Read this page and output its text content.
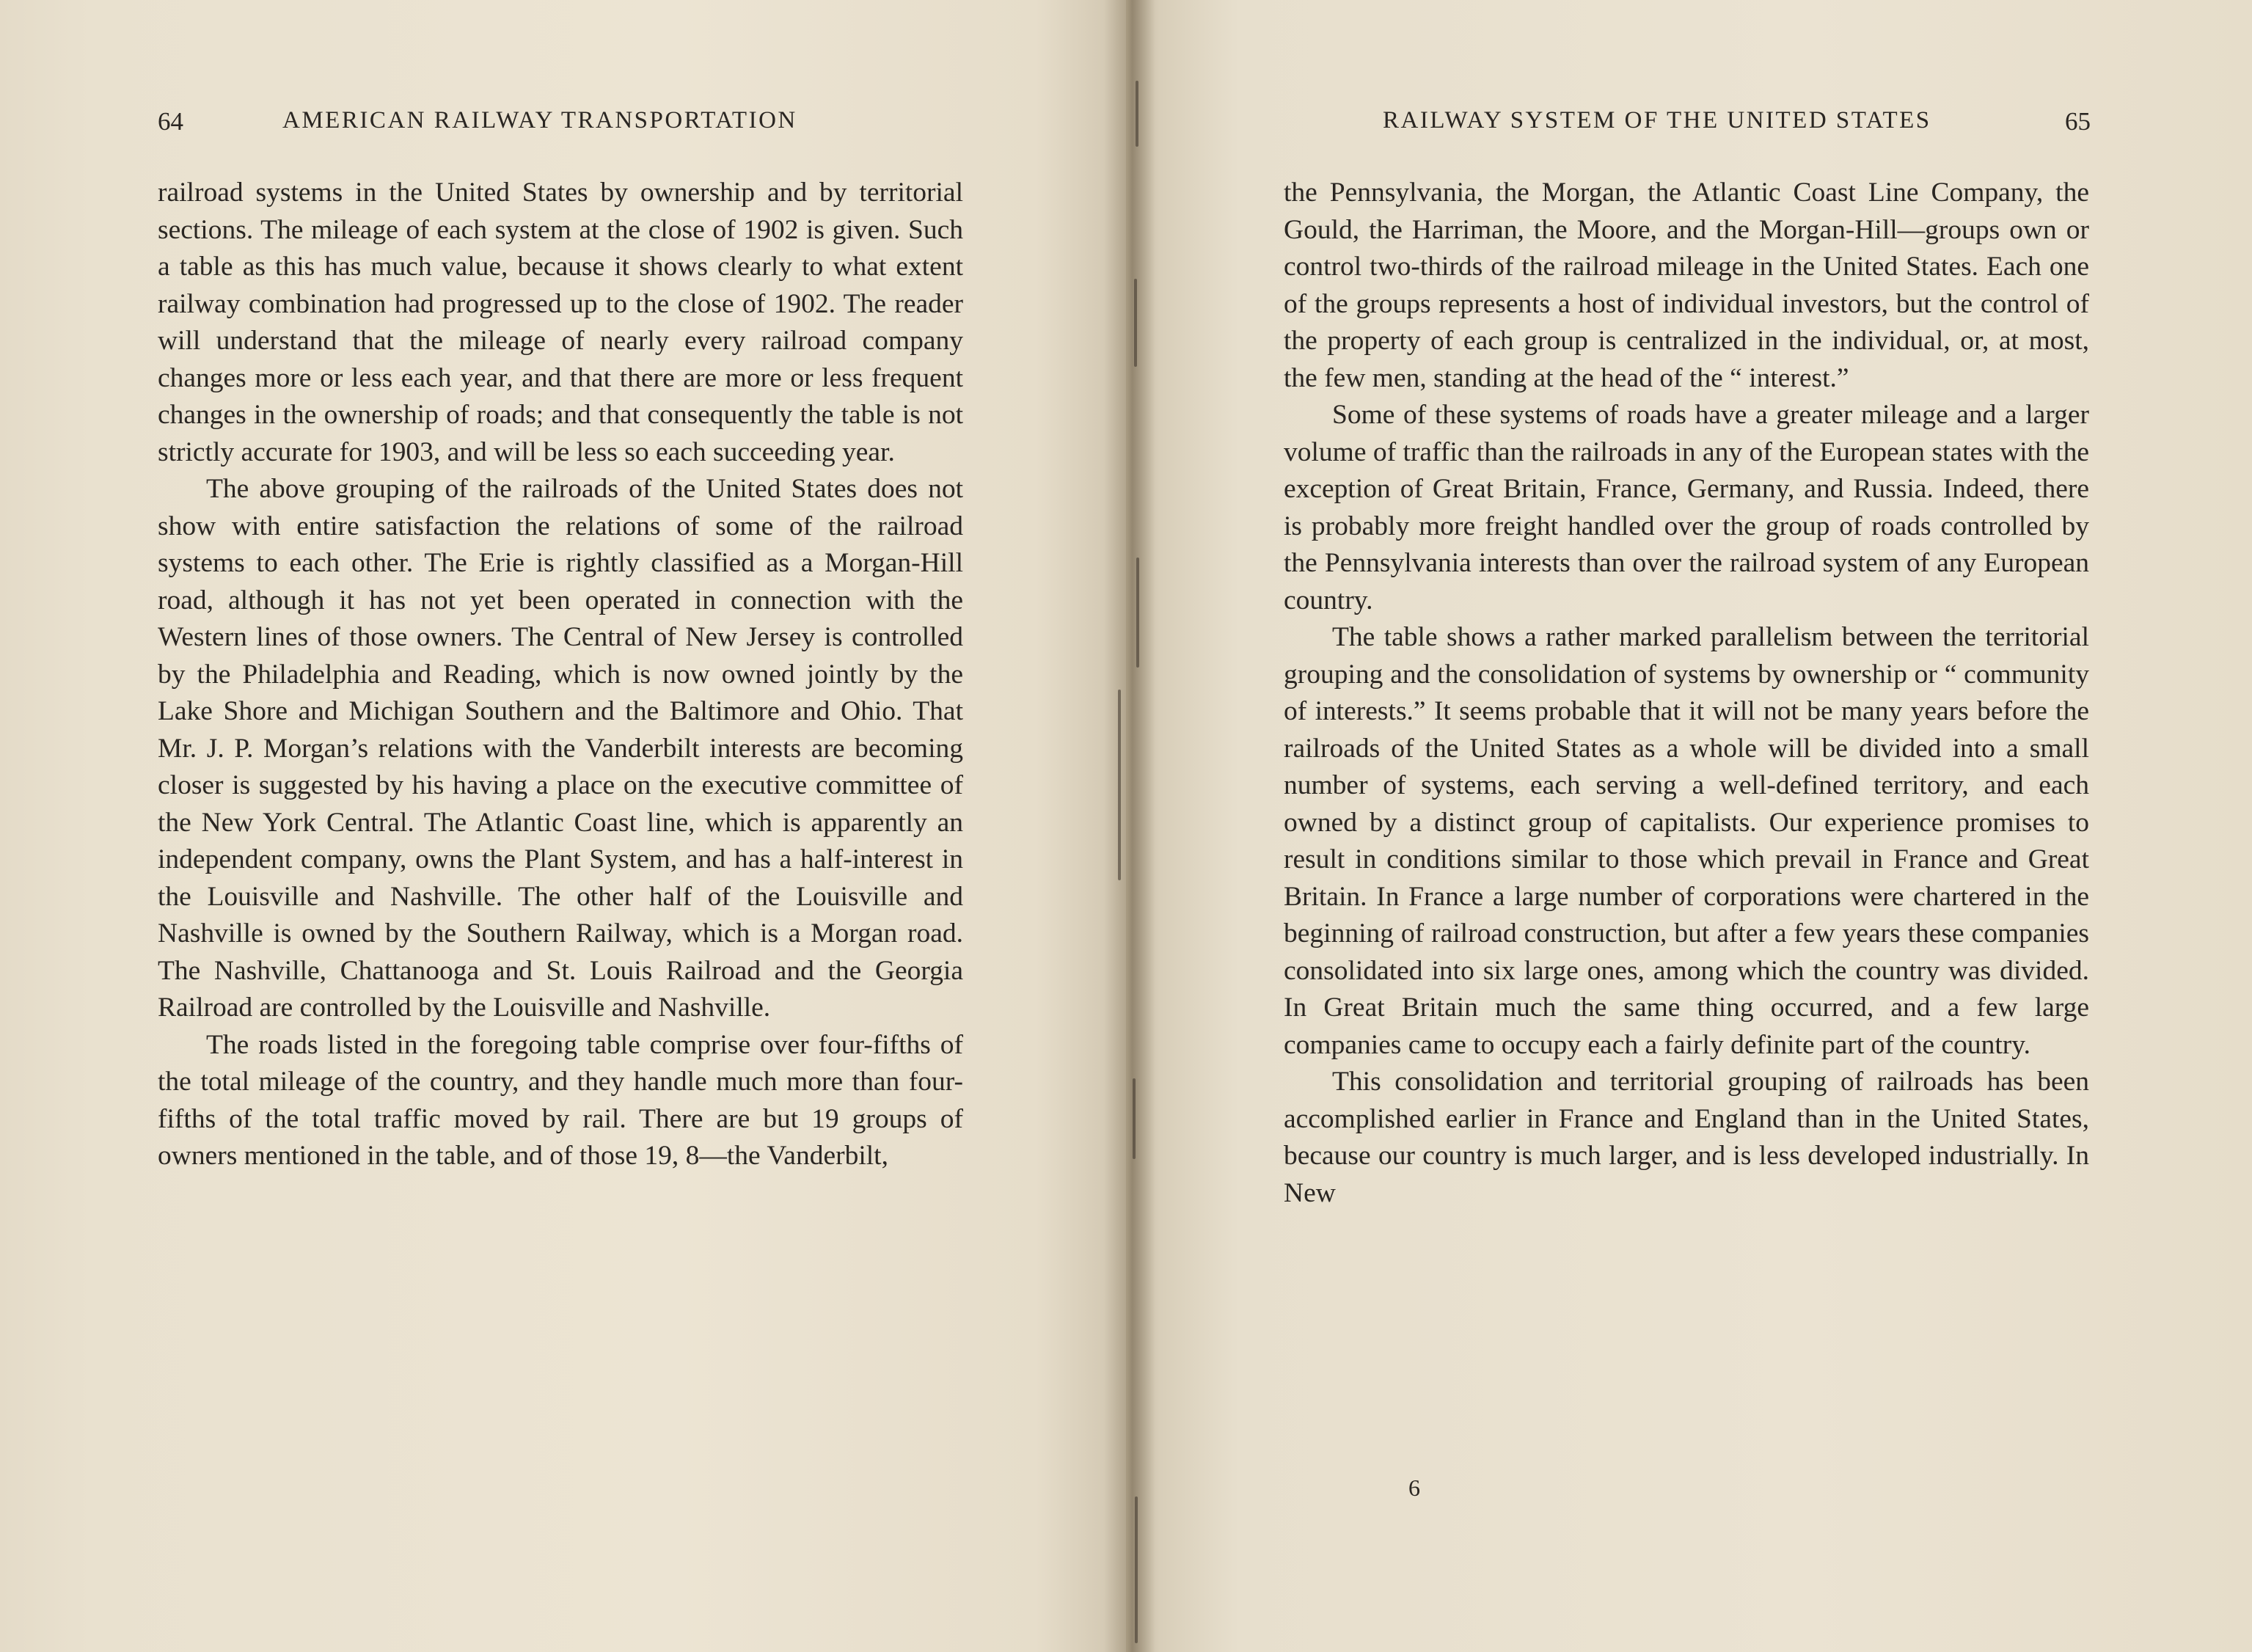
64	AMERICAN RAILWAY TRANSPORTATION

railroad systems in the United States by ownership and by territorial sections. The mileage of each system at the close of 1902 is given. Such a table as this has much value, because it shows clearly to what extent railway combination had progressed up to the close of 1902. The reader will understand that the mileage of nearly every railroad company changes more or less each year, and that there are more or less frequent changes in the ownership of roads; and that consequently the table is not strictly accurate for 1903, and will be less so each succeeding year.

The above grouping of the railroads of the United States does not show with entire satisfaction the relations of some of the railroad systems to each other. The Erie is rightly classified as a Morgan-Hill road, although it has not yet been operated in connection with the Western lines of those owners. The Central of New Jersey is controlled by the Philadelphia and Reading, which is now owned jointly by the Lake Shore and Michigan Southern and the Baltimore and Ohio. That Mr. J. P. Morgan’s relations with the Vanderbilt interests are becoming closer is suggested by his having a place on the executive committee of the New York Central. The Atlantic Coast line, which is apparently an independent company, owns the Plant System, and has a half-interest in the Louisville and Nashville. The other half of the Louisville and Nashville is owned by the Southern Railway, which is a Morgan road. The Nashville, Chattanooga and St. Louis Railroad and the Georgia Railroad are controlled by the Louisville and Nashville.

The roads listed in the foregoing table comprise over four-fifths of the total mileage of the country, and they handle much more than four-fifths of the total traffic moved by rail. There are but 19 groups of owners mentioned in the table, and of those 19, 8—the Vanderbilt,

RAILWAY SYSTEM OF THE UNITED STATES	65

the Pennsylvania, the Morgan, the Atlantic Coast Line Company, the Gould, the Harriman, the Moore, and the Morgan-Hill—groups own or control two-thirds of the railroad mileage in the United States. Each one of the groups represents a host of individual investors, but the control of the property of each group is centralized in the individual, or, at most, the few men, standing at the head of the “ interest.”

Some of these systems of roads have a greater mileage and a larger volume of traffic than the railroads in any of the European states with the exception of Great Britain, France, Germany, and Russia. Indeed, there is probably more freight handled over the group of roads controlled by the Pennsylvania interests than over the railroad system of any European country.

The table shows a rather marked parallelism between the territorial grouping and the consolidation of systems by ownership or “ community of interests.” It seems probable that it will not be many years before the railroads of the United States as a whole will be divided into a small number of systems, each serving a well-defined territory, and each owned by a distinct group of capitalists. Our experience promises to result in conditions similar to those which prevail in France and Great Britain. In France a large number of corporations were chartered in the beginning of railroad construction, but after a few years these companies consolidated into six large ones, among which the country was divided. In Great Britain much the same thing occurred, and a few large companies came to occupy each a fairly definite part of the country.

This consolidation and territorial grouping of railroads has been accomplished earlier in France and England than in the United States, because our country is much larger, and is less developed industrially. In New

6
